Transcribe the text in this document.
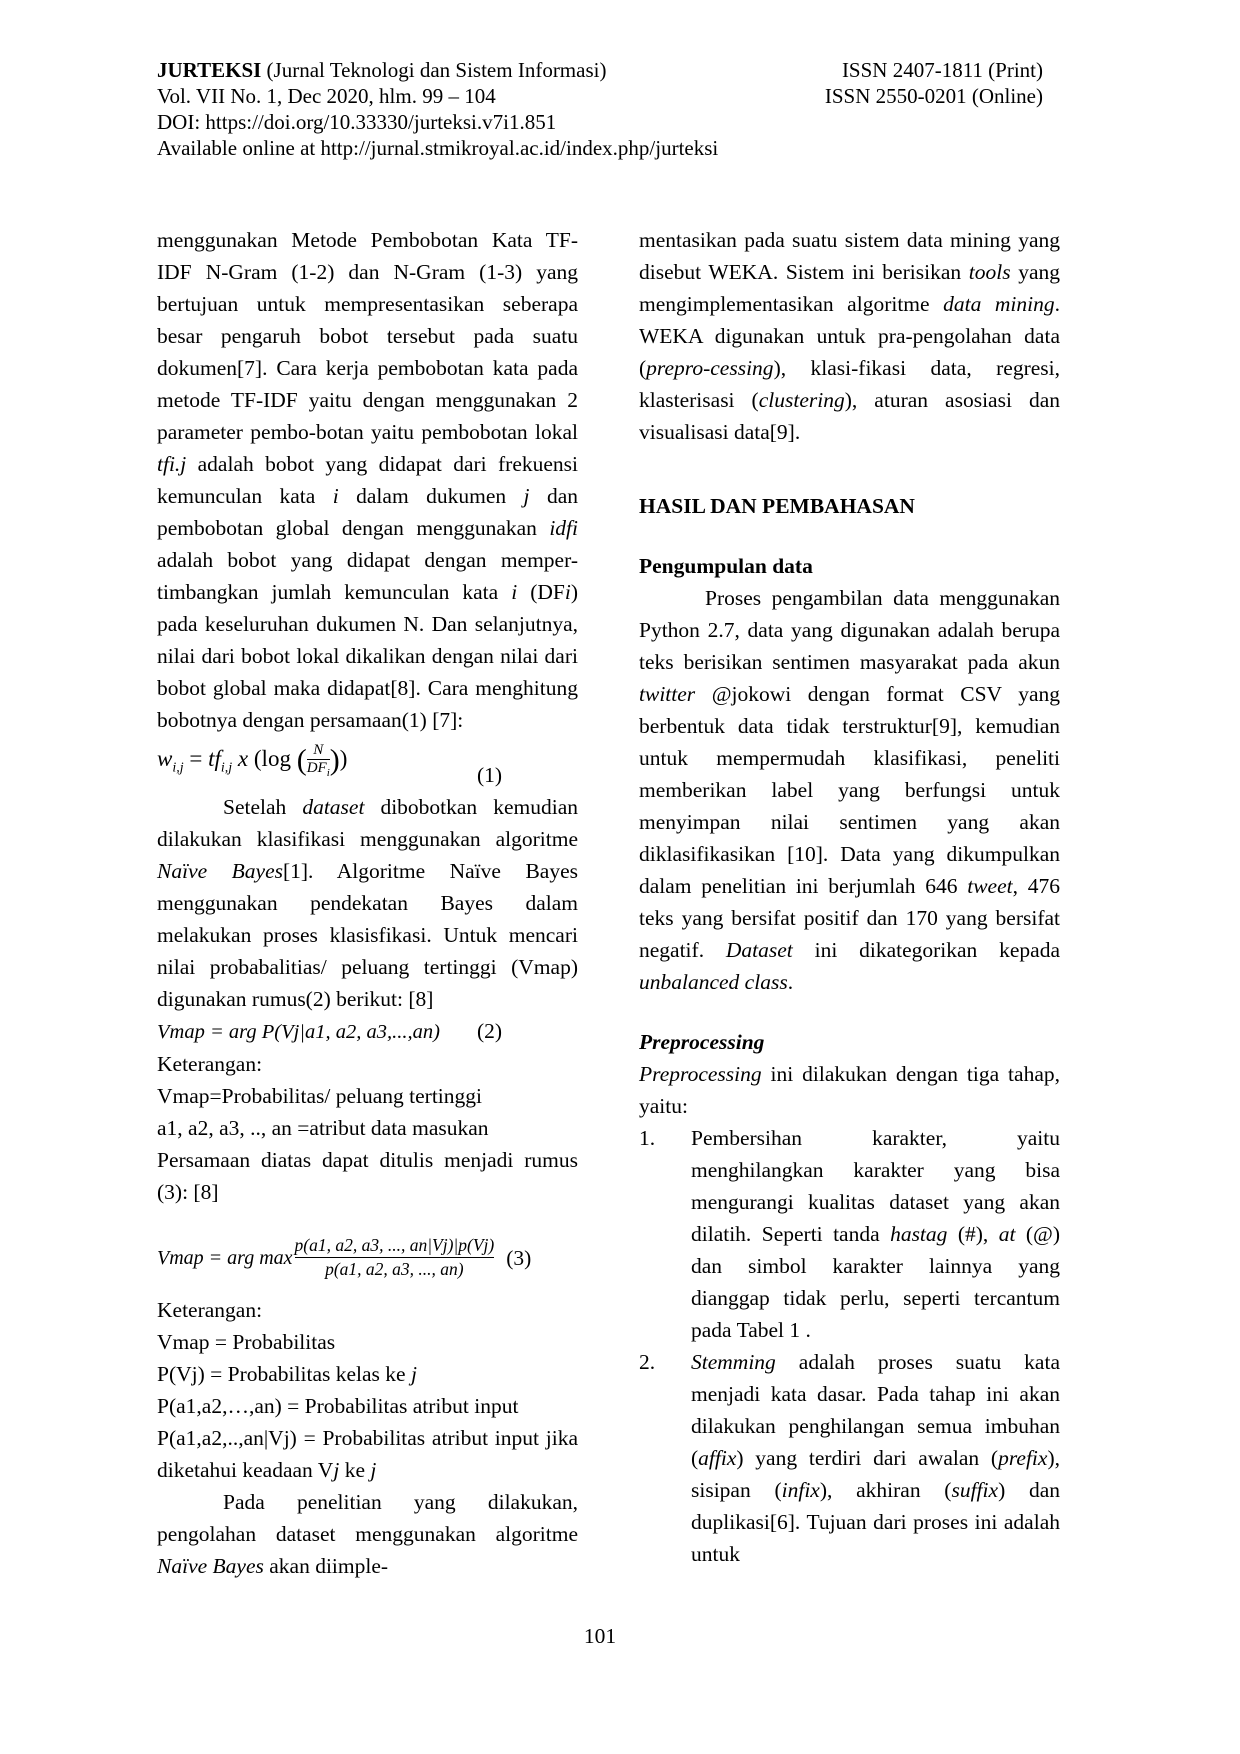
JURTEKSI (Jurnal Teknologi dan Sistem Informasi)	ISSN 2407-1811 (Print)
Vol. VII No. 1, Dec 2020, hlm. 99 – 104	ISSN 2550-0201 (Online)
DOI: https://doi.org/10.33330/jurteksi.v7i1.851
Available online at http://jurnal.stmikroyal.ac.id/index.php/jurteksi

menggunakan Metode Pembobotan Kata TF-IDF N-Gram (1-2) dan N-Gram (1-3) yang bertujuan untuk mempresentasikan seberapa besar pengaruh bobot tersebut pada suatu dokumen[7]. Cara kerja pembobotan kata pada metode TF-IDF yaitu dengan menggunakan 2 parameter pembo-botan yaitu pembobotan lokal tfi.j adalah bobot yang didapat dari frekuensi kemunculan kata i dalam dukumen j dan pembobotan global dengan menggunakan idfi adalah bobot yang didapat dengan memper-timbangkan jumlah kemunculan kata i (DFi) pada keseluruhan dukumen N. Dan selanjutnya, nilai dari bobot lokal dikalikan dengan nilai dari bobot global maka didapat[8]. Cara menghitung bobotnya dengan persamaan(1) [7]:

$w_{i,j} = tf_{i,j}$ x (log ( $\frac{N}{DF_i}$ ))
(1)

Setelah dataset dibobotkan kemudian dilakukan klasifikasi menggunakan algoritme Naïve Bayes[1]. Algoritme Naïve Bayes menggunakan pendekatan Bayes dalam melakukan proses klasisfikasi. Untuk mencari nilai probabalitias/ peluang tertinggi (Vmap) digunakan rumus(2) berikut: [8]

Vmap = arg P(Vj|a1, a2, a3,...,an) (2)
Keterangan:
Vmap=Probabilitas/ peluang tertinggi
a1, a2, a3, .., an =atribut data masukan

Persamaan diatas dapat ditulis menjadi rumus (3): [8]

Vmap = arg $\max \frac{p(a1, a2, a3, ..., an|Vj)|p(Vj)}{p(a1, a2, a3, ..., an)} (3)$
Keterangan:
Vmap = Probabilitas
P(Vj) = Probabilitas kelas ke j
P(a1,a2,…,an) = Probabilitas atribut input

P(a1,a2,..,an|Vj) = Probabilitas atribut input jika diketahui keadaan Vj ke j

Pada penelitian yang dilakukan, pengolahan dataset menggunakan algoritme Naïve Bayes akan diimple-

mentasikan pada suatu sistem data mining yang disebut WEKA. Sistem ini berisikan tools yang mengimplementasikan algoritme data mining. WEKA digunakan untuk pra-pengolahan data (prepro-cessing), klasi-fikasi data, regresi, klasterisasi (clustering), aturan asosiasi dan visualisasi data[9].

HASIL DAN PEMBAHASAN
Pengumpulan data

Proses pengambilan data menggunakan Python 2.7, data yang digunakan adalah berupa teks berisikan sentimen masyarakat pada akun twitter @jokowi dengan format CSV yang berbentuk data tidak terstruktur[9], kemudian untuk mempermudah klasifikasi, peneliti memberikan label yang berfungsi untuk menyimpan nilai sentimen yang akan diklasifikasikan [10]. Data yang dikumpulkan dalam penelitian ini berjumlah 646 tweet, 476 teks yang bersifat positif dan 170 yang bersifat negatif. Dataset ini dikategorikan kepada unbalanced class.

Preprocessing

Preprocessing ini dilakukan dengan tiga tahap, yaitu:

1.	Pembersihan karakter, yaitu menghilangkan karakter yang bisa mengurangi kualitas dataset yang akan dilatih. Seperti tanda hastag (#), at (@) dan simbol karakter lainnya yang dianggap tidak perlu, seperti tercantum pada Tabel 1 .
2.	Stemming adalah proses suatu kata menjadi kata dasar. Pada tahap ini akan dilakukan penghilangan semua imbuhan (affix) yang terdiri dari awalan (prefix), sisipan (infix), akhiran (suffix) dan duplikasi[6]. Tujuan dari proses ini adalah untuk
101
